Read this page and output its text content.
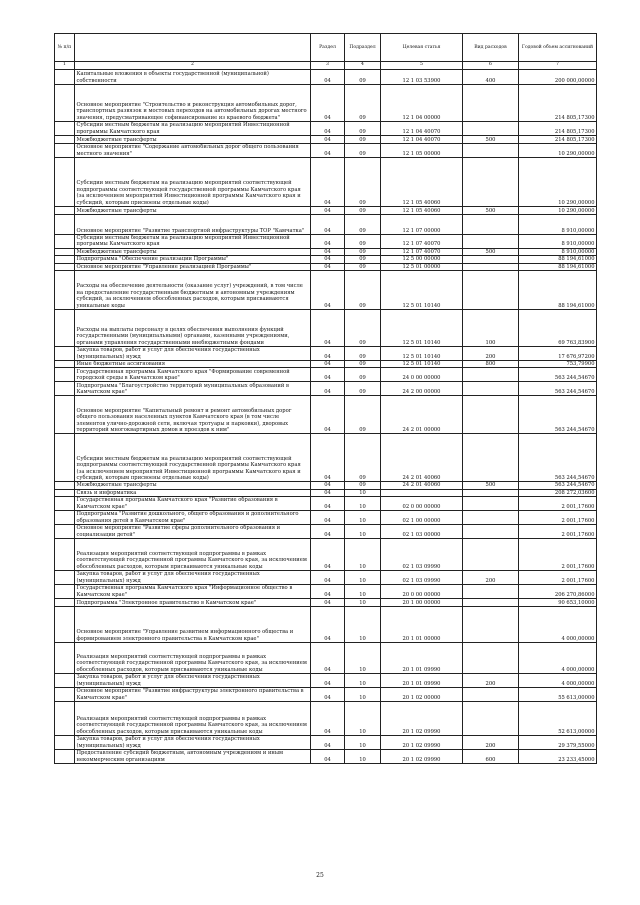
№ п/п		Раздел	Подраздел	Целевая статья	Вид расходов	Годовой объем ассигнований
1	2	3	4	5	6	7
	Капитальные вложения в объекты государственной (муниципальной) собственности	04	09	12 1 03 53900	400	200 000,00000
	Основное мероприятие "Строительство и реконструкция автомобильных дорог, транспортных развязок и мостовых переходов на автомобильных дорогах местного значения, предусматривающее софинансирование из краевого бюджета"	04	09	12 1 04 00000		214 805,17300
	Субсидии местным бюджетам на реализацию мероприятий Инвестиционной программы Камчатского края	04	09	12 1 04 40070		214 805,17300
	Межбюджетные трансферты	04	09	12 1 04 40070	500	214 805,17300
	Основное мероприятие "Содержание автомобильных дорог общего пользования местного значения"	04	09	12 1 05 00000		10 290,00000
	Субсидии местным бюджетам на реализацию мероприятий соответствующей подпрограммы соответствующей государственной программы Камчатского края (за исключением мероприятий Инвестиционной программы Камчатского края и субсидий, которым присвоены отдельные коды)	04	09	12 1 05 40060		10 290,00000
	Межбюджетные трансферты	04	09	12 1 05 40060	500	10 290,00000
	Основное мероприятие "Развитие транспортной инфраструктуры ТОР "Камчатка"	04	09	12 1 07 00000		8 910,00000
	Субсидии местным бюджетам на реализацию мероприятий Инвестиционной программы Камчатского края	04	09	12 1 07 40070		8 910,00000
	Межбюджетные трансферты	04	09	12 1 07 40070	500	8 910,00000
	Подпрограмма "Обеспечение реализации Программы"	04	09	12 5 00 00000		88 194,61000
	Основное мероприятие "Управление реализацией Программы"	04	09	12 5 01 00000		88 194,61000
	Расходы на обеспечение деятельности (оказание услуг) учреждений, в том числе на предоставление государственным бюджетным и автономным учреждениям субсидий, за исключением обособленных расходов, которым присваиваются уникальные коды	04	09	12 5 01 10140		88 194,61000
	Расходы на выплаты персоналу в целях обеспечения выполнения функций государственными (муниципальными) органами, казенными учреждениями, органами управления государственными внебюджетными фондами	04	09	12 5 01 10140	100	69 763,83900
	Закупка товаров, работ и услуг для обеспечения государственных (муниципальных) нужд	04	09	12 5 01 10140	200	17 676,97200
	Иные бюджетные ассигнования	04	09	12 5 01 10140	800	753,79900
	Государственная программа Камчатского края "Формирование современной городской среды в Камчатском крае"	04	09	24 0 00 00000		563 244,54670
	Подпрограмма "Благоустройство территорий муниципальных образований в Камчатском крае"	04	09	24 2 00 00000		563 244,54670
	Основное мероприятие "Капитальный ремонт и ремонт автомобильных дорог общего пользования населенных пунктов Камчатского края (в том числе элементов улично-дорожной сети, включая тротуары и парковки), дворовых территорий многоквартирных домов и проездов к ним"	04	09	24 2 01 00000		563 244,54670
	Субсидии местным бюджетам на реализацию мероприятий соответствующей подпрограммы соответствующей государственной программы Камчатского края (за исключением мероприятий Инвестиционной программы Камчатского края и субсидий, которым присвоены отдельные коды)	04	09	24 2 01 40060		563 244,54670
	Межбюджетные трансферты	04	09	24 2 01 40060	500	563 244,54670
	Связь и информатика	04	10			208 272,03600
	Государственная программа Камчатского края "Развитие образования в Камчатском крае"	04	10	02 0 00 00000		2 001,17600
	Подпрограмма "Развитие дошкольного, общего образования и дополнительного образования детей в Камчатском крае"	04	10	02 1 00 00000		2 001,17600
	Основное мероприятие "Развитие сферы дополнительного образования и социализации детей"	04	10	02 1 03 00000		2 001,17600
	Реализация мероприятий соответствующей подпрограммы в рамках соответствующей государственной программы Камчатского края, за исключением обособленных расходов, которым присваиваются уникальные коды	04	10	02 1 03 09990		2 001,17600
	Закупка товаров, работ и услуг для обеспечения государственных (муниципальных) нужд	04	10	02 1 03 09990	200	2 001,17600
	Государственная программа Камчатского края "Информационное общество в Камчатском крае"	04	10	20 0 00 00000		206 270,86000
	Подпрограмма "Электронное правительство в Камчатском крае"	04	10	20 1 00 00000		90 653,10000
	Основное мероприятие "Управление развитием информационного общества и формированием электронного правительства в Камчатском крае"	04	10	20 1 01 00000		4 000,00000
	Реализация мероприятий соответствующей подпрограммы в рамках соответствующей государственной программы Камчатского края, за исключением обособленных расходов, которым присваиваются уникальные коды	04	10	20 1 01 09990		4 000,00000
	Закупка товаров, работ и услуг для обеспечения государственных (муниципальных) нужд	04	10	20 1 01 09990	200	4 000,00000
	Основное мероприятие "Развитие инфраструктуры электронного правительства в Камчатском крае"	04	10	20 1 02 00000		55 613,00000
	Реализация мероприятий соответствующей подпрограммы в рамках соответствующей государственной программы Камчатского края, за исключением обособленных расходов, которым присваиваются уникальные коды	04	10	20 1 02 09990		52 613,00000
	Закупка товаров, работ и услуг для обеспечения государственных (муниципальных) нужд	04	10	20 1 02 09990	200	29 379,55000
	Предоставление субсидий бюджетным, автономным учреждениям и иным некоммерческим организациям	04	10	20 1 02 09990	600	23 233,45000
25
